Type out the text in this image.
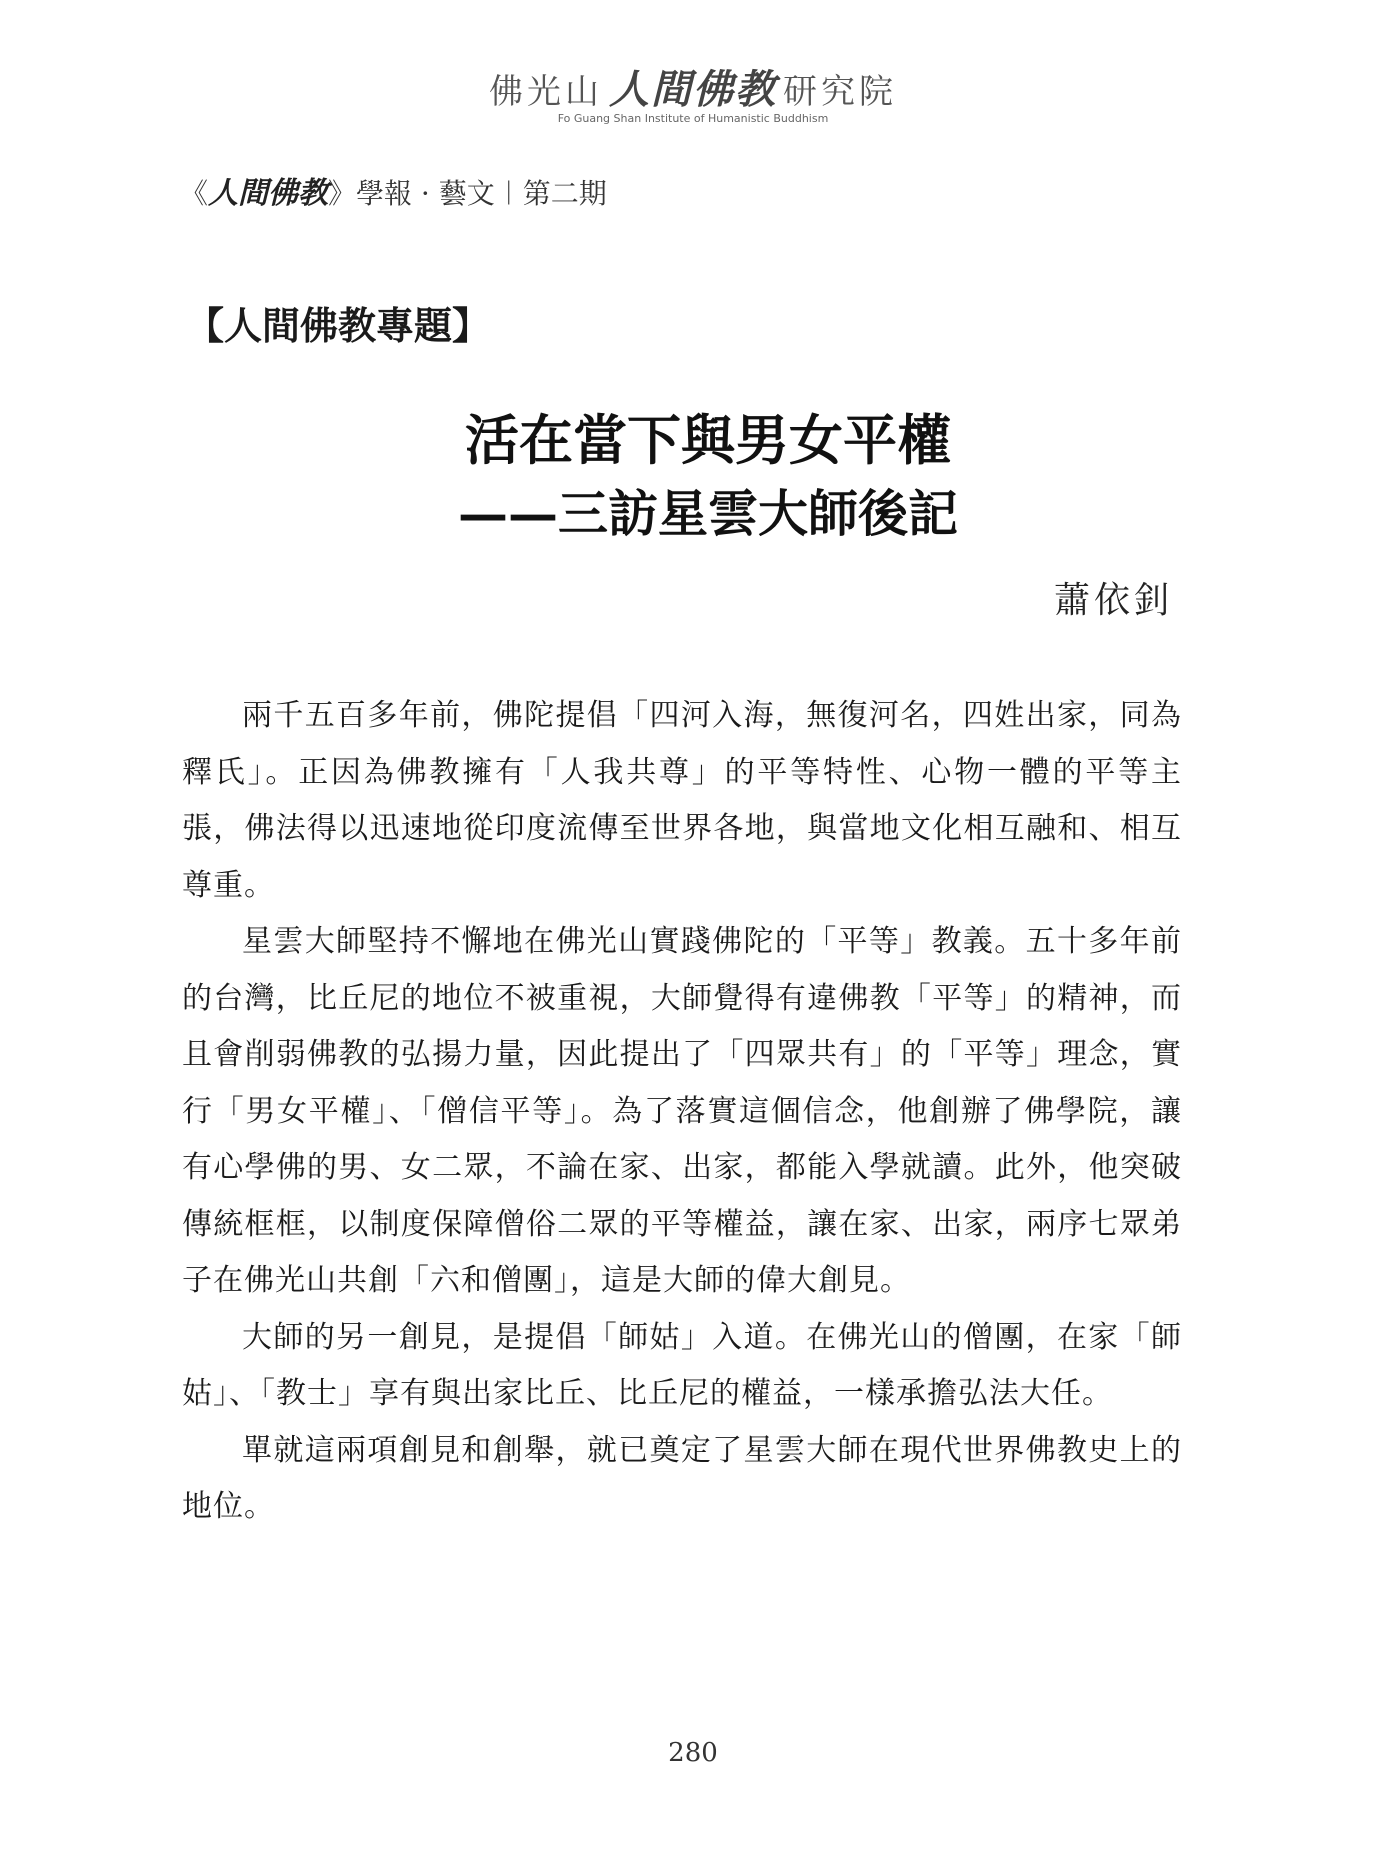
佛光山 人間佛教 研究院
Fo Guang Shan Institute of Humanistic Buddhism
《人間佛教》學報 · 藝文︱第二期
【人間佛教專題】
活在當下與男女平權
——三訪星雲大師後記
蕭依釗

兩千五百多年前，佛陀提倡「四河入海，無復河名，四姓出家，同為釋氏」。正因為佛教擁有「人我共尊」的平等特性、心物一體的平等主張，佛法得以迅速地從印度流傳至世界各地，與當地文化相互融和、相互尊重。

星雲大師堅持不懈地在佛光山實踐佛陀的「平等」教義。五十多年前的台灣，比丘尼的地位不被重視，大師覺得有違佛教「平等」的精神，而且會削弱佛教的弘揚力量，因此提出了「四眾共有」的「平等」理念，實行「男女平權」、「僧信平等」。為了落實這個信念，他創辦了佛學院，讓有心學佛的男、女二眾，不論在家、出家，都能入學就讀。此外，他突破傳統框框，以制度保障僧俗二眾的平等權益，讓在家、出家，兩序七眾弟子在佛光山共創「六和僧團」，這是大師的偉大創見。

大師的另一創見，是提倡「師姑」入道。在佛光山的僧團，在家「師姑」、「教士」享有與出家比丘、比丘尼的權益，一樣承擔弘法大任。

單就這兩項創見和創舉，就已奠定了星雲大師在現代世界佛教史上的地位。

280
